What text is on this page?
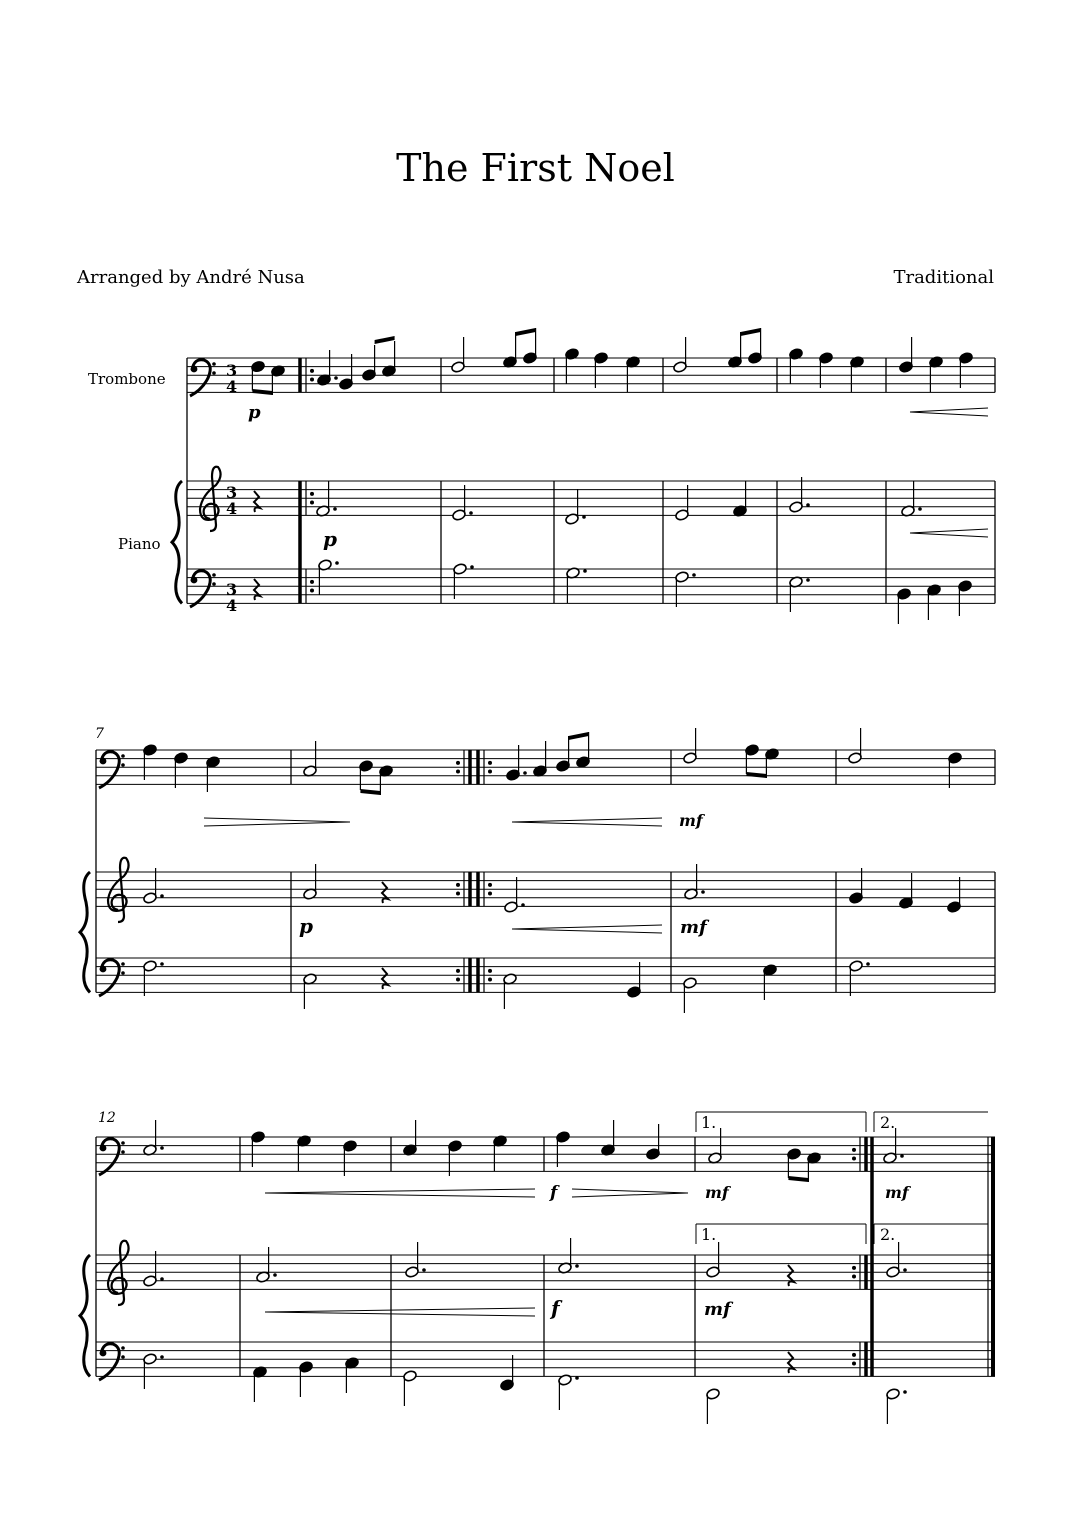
The First Noel
Arranged by André Nusa	Traditional
Trombone
Piano
7
12
3
4
3
4
3
4
p
p
mf
p	mf
f	mf	mf
f	mf
1.	2.
1.	2.
